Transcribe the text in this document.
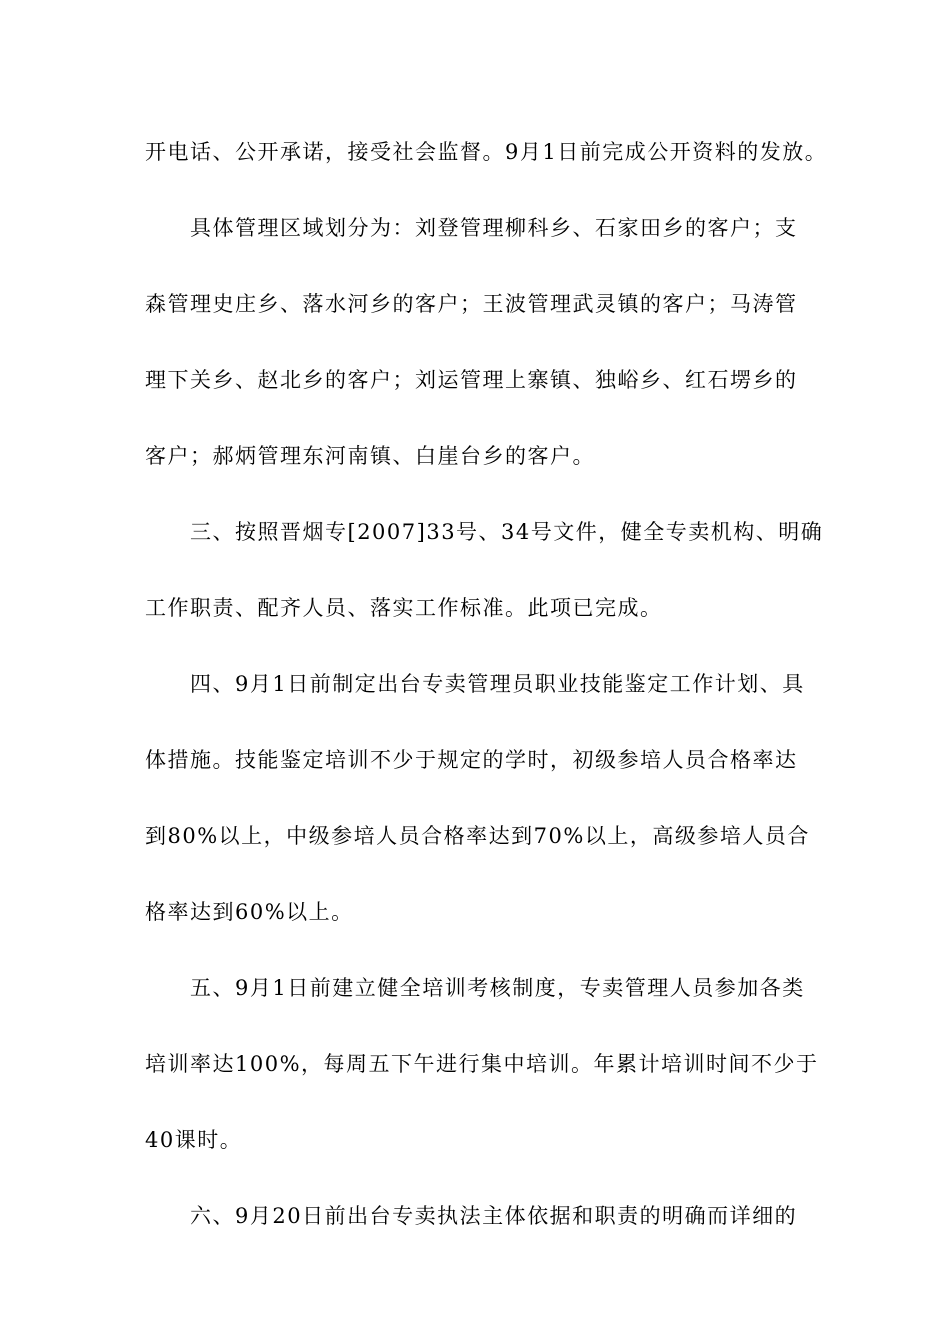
开电话、公开承诺，接受社会监督。9月1日前完成公开资料的发放。
具体管理区域划分为：刘登管理柳科乡、石家田乡的客户；支
森管理史庄乡、落水河乡的客户；王波管理武灵镇的客户；马涛管
理下关乡、赵北乡的客户；刘运管理上寨镇、独峪乡、红石塄乡的
客户；郝炳管理东河南镇、白崖台乡的客户。
三、按照晋烟专[2007]33号、34号文件，健全专卖机构、明确
工作职责、配齐人员、落实工作标准。此项已完成。
四、9月1日前制定出台专卖管理员职业技能鉴定工作计划、具
体措施。技能鉴定培训不少于规定的学时，初级参培人员合格率达
到80%以上，中级参培人员合格率达到70%以上，高级参培人员合
格率达到60%以上。
五、9月1日前建立健全培训考核制度，专卖管理人员参加各类
培训率达100%，每周五下午进行集中培训。年累计培训时间不少于
40课时。
六、9月20日前出台专卖执法主体依据和职责的明确而详细的
